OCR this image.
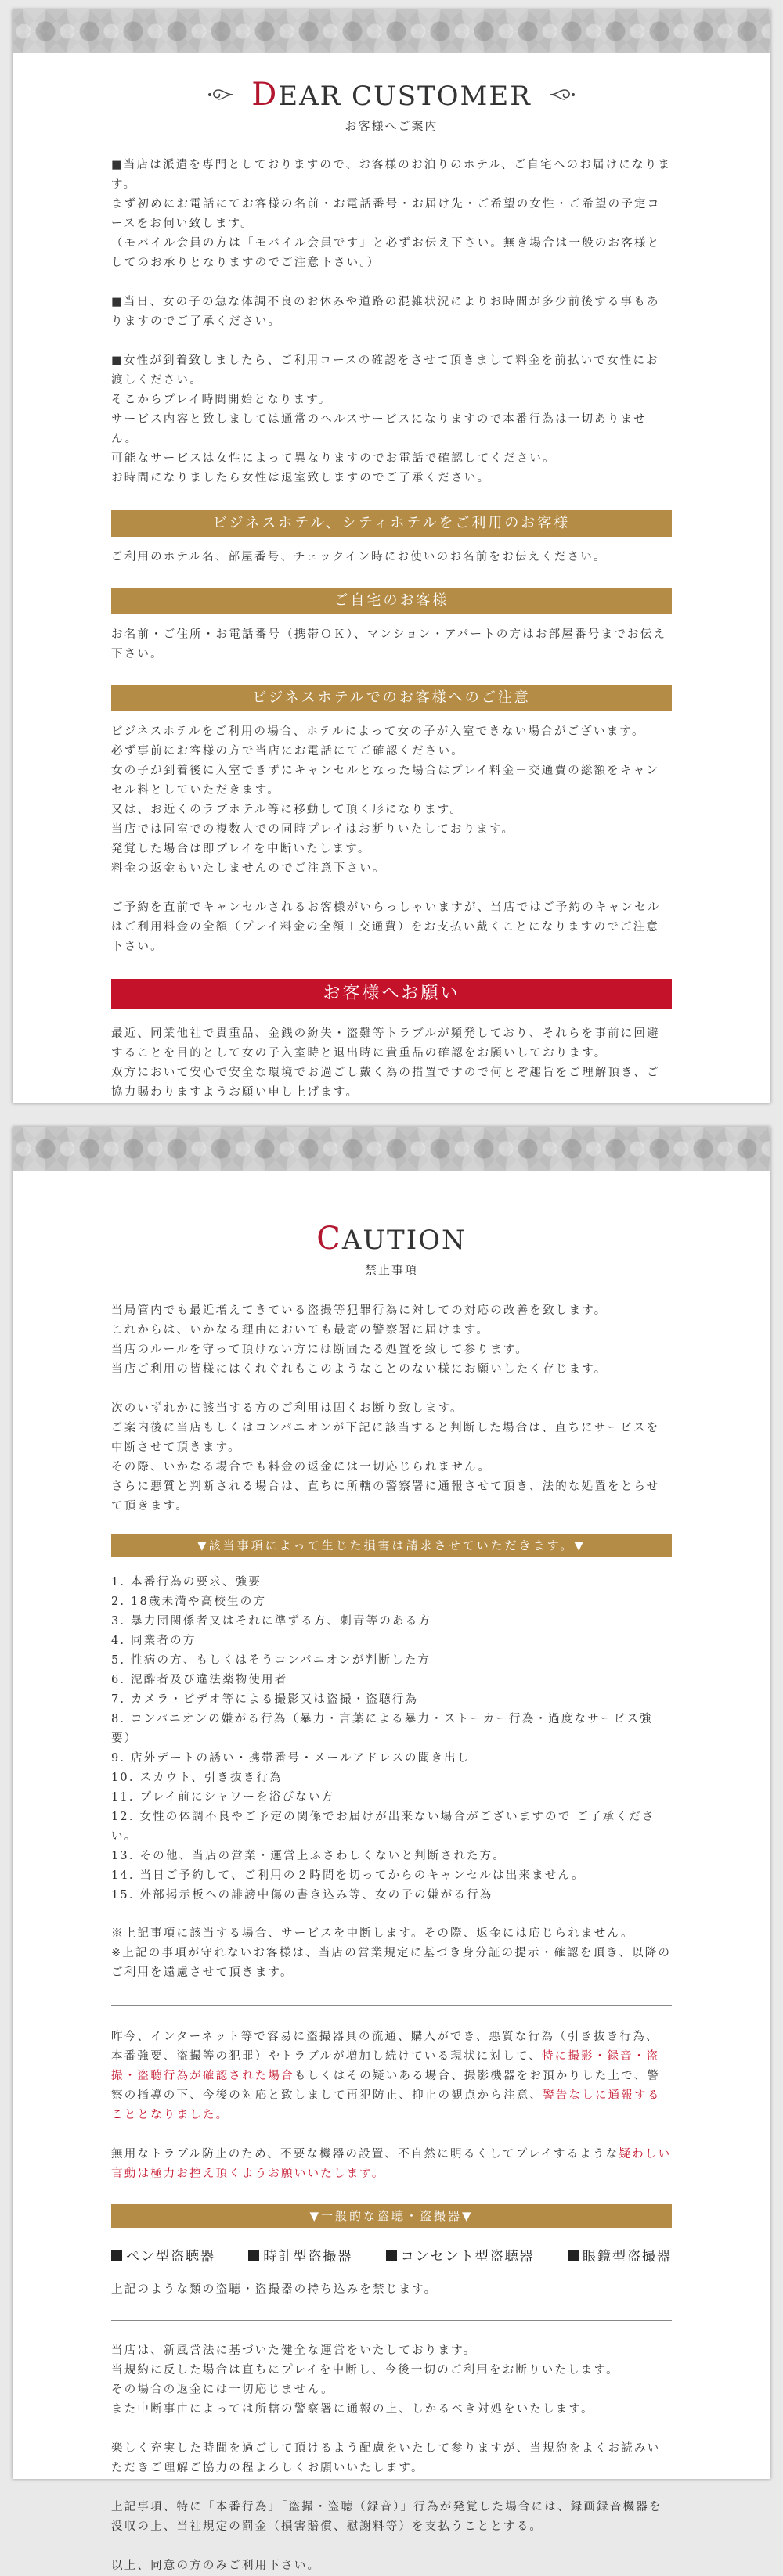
DEAR CUSTOMER
お客様へご案内

■当店は派遣を専門としておりますので、お客様のお泊りのホテル、ご自宅へのお届けになります。
まず初めにお電話にてお客様の名前・お電話番号・お届け先・ご希望の女性・ご希望の予定コースをお伺い致します。
（モバイル会員の方は「モバイル会員です」と必ずお伝え下さい。無き場合は一般のお客様としてのお承りとなりますのでご注意下さい。）

■当日、女の子の急な体調不良のお休みや道路の混雑状況によりお時間が多少前後する事もありますのでご了承ください。

■女性が到着致しましたら、ご利用コースの確認をさせて頂きまして料金を前払いで女性にお渡しください。
そこからプレイ時間開始となります。
サービス内容と致しましては通常のヘルスサービスになりますので本番行為は一切ありません。
可能なサービスは女性によって異なりますのでお電話で確認してください。
お時間になりましたら女性は退室致しますのでご了承ください。

ビジネスホテル、シティホテルをご利用のお客様

ご利用のホテル名、部屋番号、チェックイン時にお使いのお名前をお伝えください。

ご自宅のお客様

お名前・ご住所・お電話番号（携帯ＯＫ）、マンション・アパートの方はお部屋番号までお伝え下さい。

ビジネスホテルでのお客様へのご注意

ビジネスホテルをご利用の場合、ホテルによって女の子が入室できない場合がございます。
必ず事前にお客様の方で当店にお電話にてご確認ください。
女の子が到着後に入室できずにキャンセルとなった場合はプレイ料金＋交通費の総額をキャンセル料としていただきます。
又は、お近くのラブホテル等に移動して頂く形になります。
当店では同室での複数人での同時プレイはお断りいたしております。
発覚した場合は即プレイを中断いたします。
料金の返金もいたしませんのでご注意下さい。

ご予約を直前でキャンセルされるお客様がいらっしゃいますが、当店ではご予約のキャンセルはご利用料金の全額（プレイ料金の全額＋交通費）をお支払い戴くことになりますのでご注意下さい。

お客様へお願い

最近、同業他社で貴重品、金銭の紛失・盗難等トラブルが頻発しており、それらを事前に回避することを目的として女の子入室時と退出時に貴重品の確認をお願いしております。
双方において安心で安全な環境でお過ごし戴く為の措置ですので何とぞ趣旨をご理解頂き、ご協力賜わりますようお願い申し上げます。

CAUTION
禁止事項

当局管内でも最近増えてきている盗撮等犯罪行為に対しての対応の改善を致します。
これからは、いかなる理由においても最寄の警察署に届けます。
当店のルールを守って頂けない方には断固たる処置を致して参ります。
当店ご利用の皆様にはくれぐれもこのようなことのない様にお願いしたく存じます。

次のいずれかに該当する方のご利用は固くお断り致します。
ご案内後に当店もしくはコンパニオンが下記に該当すると判断した場合は、直ちにサービスを中断させて頂きます。
その際、いかなる場合でも料金の返金には一切応じられません。
さらに悪質と判断される場合は、直ちに所轄の警察署に通報させて頂き、法的な処置をとらせて頂きます。

▼該当事項によって生じた損害は請求させていただきます。▼
1. 本番行為の要求、強要
2. 18歳未満や高校生の方
3. 暴力団関係者又はそれに準ずる方、刺青等のある方
4. 同業者の方
5. 性病の方、もしくはそうコンパニオンが判断した方
6. 泥酔者及び違法薬物使用者
7. カメラ・ビデオ等による撮影又は盗撮・盗聴行為
8. コンパニオンの嫌がる行為（暴力・言葉による暴力・ストーカー行為・過度なサービス強要）
9. 店外デートの誘い・携帯番号・メールアドレスの聞き出し
10. スカウト、引き抜き行為
11. プレイ前にシャワーを浴びない方
12. 女性の体調不良やご予定の関係でお届けが出来ない場合がございますので ご了承ください。
13. その他、当店の営業・運営上ふさわしくないと判断された方。
14. 当日ご予約して、ご利用の２時間を切ってからのキャンセルは出来ません。
15. 外部掲示板への誹謗中傷の書き込み等、女の子の嫌がる行為

※上記事項に該当する場合、サービスを中断します。その際、返金には応じられません。
※上記の事項が守れないお客様は、当店の営業規定に基づき身分証の提示・確認を頂き、以降のご利用を遠慮させて頂きます。

昨今、インターネット等で容易に盗撮器具の流通、購入ができ、悪質な行為（引き抜き行為、本番強要、盗撮等の犯罪）やトラブルが増加し続けている現状に対して、特に撮影・録音・盗撮・盗聴行為が確認された場合もしくはその疑いある場合、撮影機器をお預かりした上で、警察の指導の下、今後の対応と致しまして再犯防止、抑止の観点から注意、警告なしに通報することとなりました。

無用なトラブル防止のため、不要な機器の設置、不自然に明るくしてプレイするような疑わしい言動は極力お控え頂くようお願いいたします。

▼一般的な盗聴・盗撮器▼
ペン型盗聴器	時計型盗撮器	コンセント型盗聴器	眼鏡型盗撮器

上記のような類の盗聴・盗撮器の持ち込みを禁じます。

当店は、新風営法に基づいた健全な運営をいたしております。

当規約に反した場合は直ちにプレイを中断し、今後一切のご利用をお断りいたします。
その場合の返金には一切応じません。
また中断事由によっては所轄の警察署に通報の上、しかるべき対処をいたします。

楽しく充実した時間を過ごして頂けるよう配慮をいたして参りますが、当規約をよくお読みいただきご理解ご協力の程よろしくお願いいたします。

上記事項、特に「本番行為」「盗撮・盗聴（録音）」行為が発覚した場合には、録画録音機器を没収の上、当社規定の罰金（損害賠償、慰謝料等）を支払うこととする。

以上、同意の方のみご利用下さい。
